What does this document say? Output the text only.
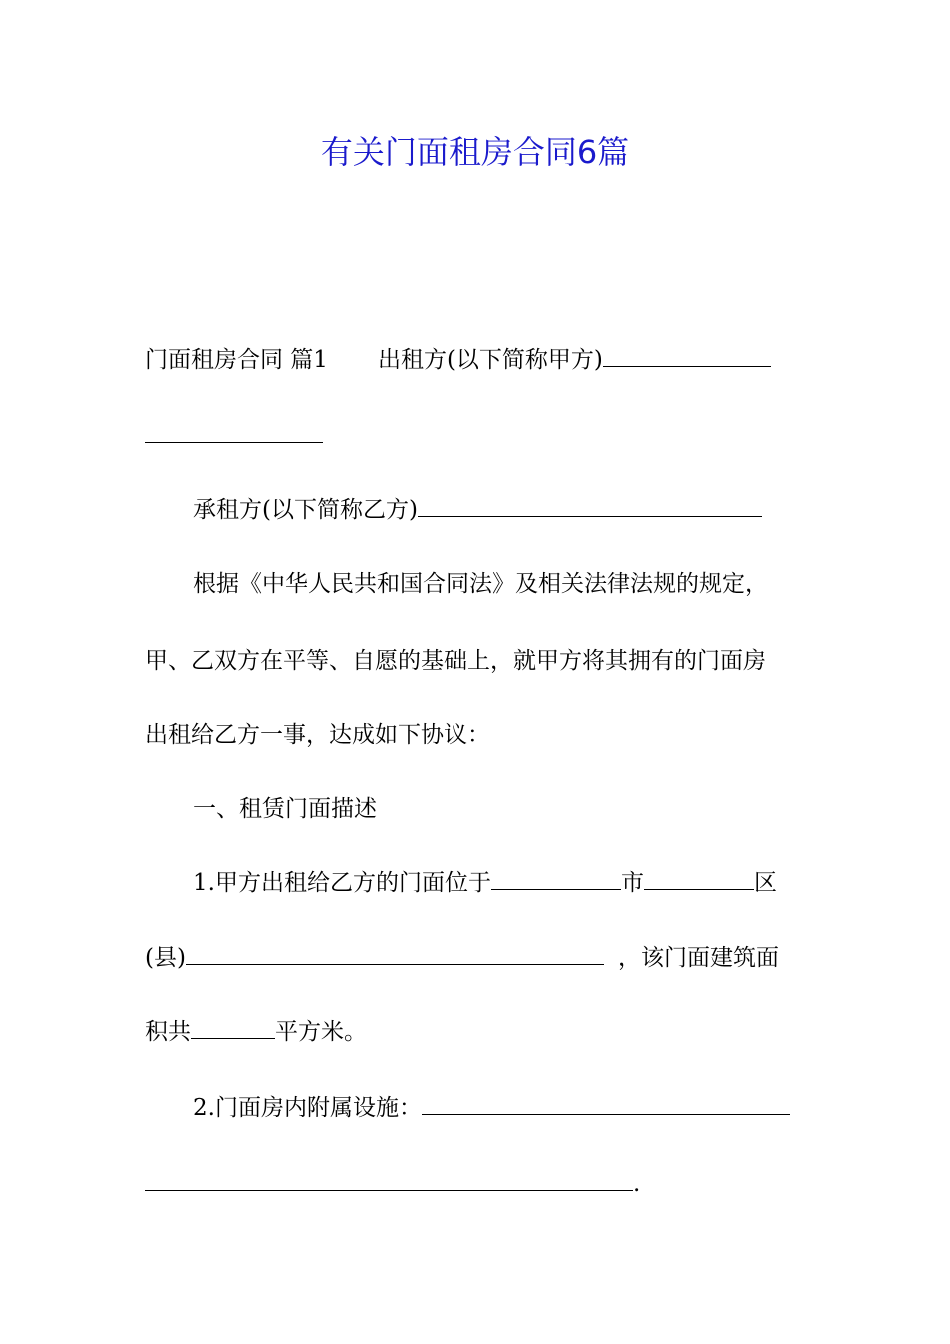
有关门面租房合同6篇
门面租房合同 篇1 出租方(以下简称甲方)
承租方(以下简称乙方)
根据《中华人民共和国合同法》及相关法律法规的规定，
甲、乙双方在平等、自愿的基础上，就甲方将其拥有的门面房
出租给乙方一事，达成如下协议：
一、租赁门面描述
1.甲方出租给乙方的门面位于	市	区
(县)	，该门面建筑面
积共	平方米。
2.门面房内附属设施：
.
